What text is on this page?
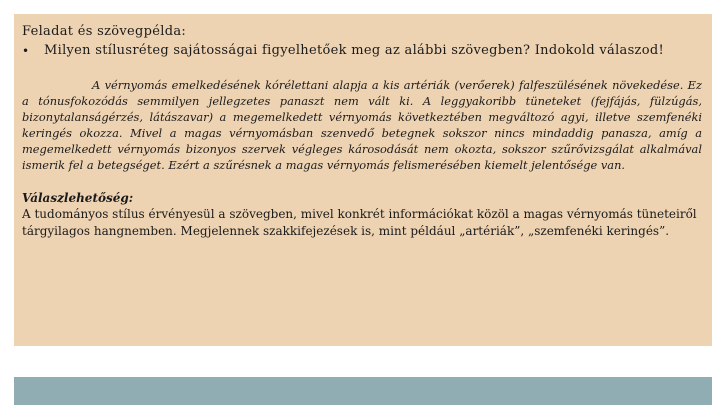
Feladat és szövegpélda:

•	Milyen stílusréteg sajátosságai figyelhetőek meg az alábbi szövegben? Indokold válaszod!
A vérnyomás emelkedésének kórélettani alapja a kis artériák (verőerek) falfeszülésének növekedése. Ez a tónusfokozódás semmilyen jellegzetes panaszt nem vált ki. A leggyakoribb tüneteket (fejfájás, fülzúgás, bizonytalanságérzés, látászavar) a megemelkedett vérnyomás következtében megváltozó agyi, illetve szemfenéki keringés okozza. Mivel a magas vérnyomásban szenvedő betegnek sokszor nincs mindaddig panasza, amíg a megemelkedett vérnyomás bizonyos szervek végleges károsodását nem okozta, sokszor szűrővizsgálat alkalmával ismerik fel a betegséget. Ezért a szűrésnek a magas vérnyomás felismerésében kiemelt jelentősége van.
Válaszlehetőség:
A tudományos stílus érvényesül a szövegben, mivel konkrét információkat közöl a magas vérnyomás tüneteiről tárgyilagos hangnemben. Megjelennek szakkifejezések is, mint például „artériák”, „szemfenéki keringés”.
